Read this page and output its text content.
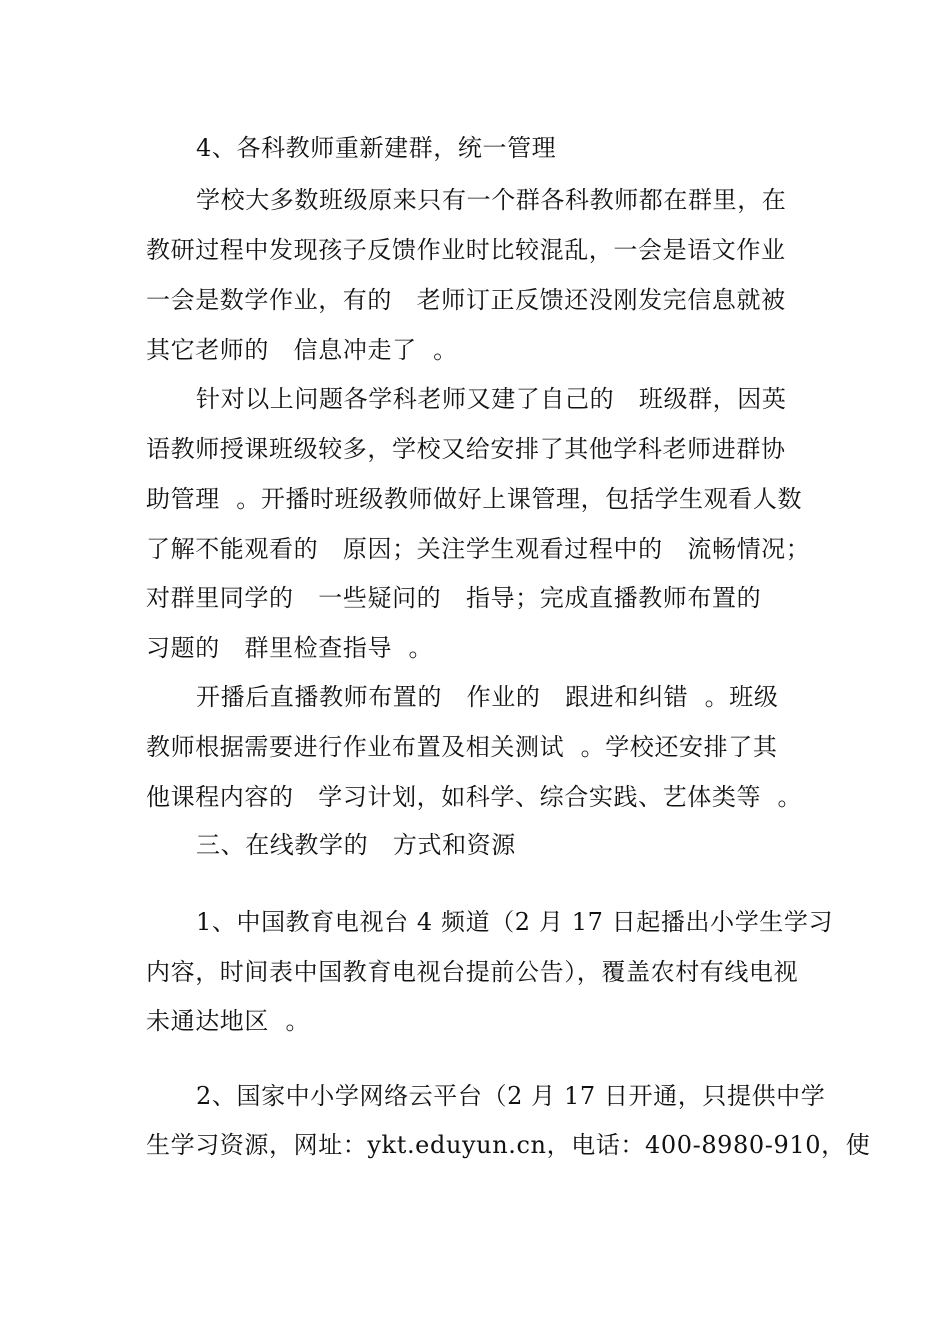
4、各科教师重新建群，统一管理
学校大多数班级原来只有一个群各科教师都在群里，在
教研过程中发现孩子反馈作业时比较混乱，一会是语文作业
一会是数学作业，有的   老师订正反馈还没刚发完信息就被
其它老师的   信息冲走了  。
针对以上问题各学科老师又建了自己的   班级群，因英
语教师授课班级较多，学校又给安排了其他学科老师进群协
助管理  。开播时班级教师做好上课管理，包括学生观看人数
了解不能观看的   原因；关注学生观看过程中的   流畅情况；
对群里同学的   一些疑问的   指导；完成直播教师布置的
习题的   群里检查指导  。
开播后直播教师布置的   作业的   跟进和纠错  。班级
教师根据需要进行作业布置及相关测试  。学校还安排了其
他课程内容的   学习计划，如科学、综合实践、艺体类等  。
三、在线教学的   方式和资源
1、中国教育电视台 4 频道（2 月 17 日起播出小学生学习
内容，时间表中国教育电视台提前公告），覆盖农村有线电视
未通达地区  。
2、国家中小学网络云平台（2 月 17 日开通，只提供中学
生学习资源，网址：ykt.eduyun.cn，电话：400-8980-910，使
